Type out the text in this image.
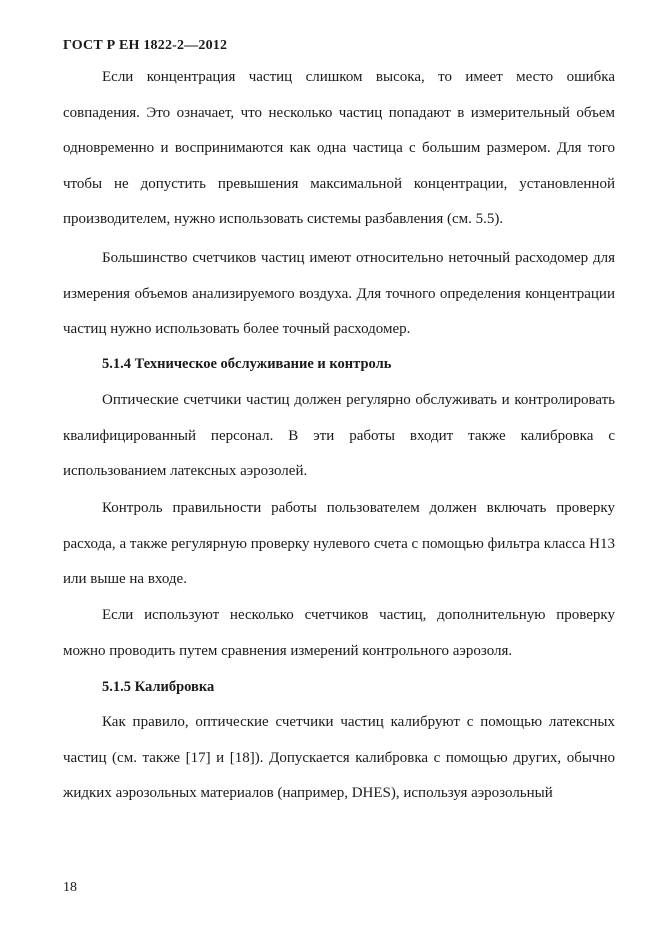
ГОСТ Р ЕН 1822-2—2012
Если концентрация частиц слишком высока, то имеет место ошибка совпадения. Это означает, что несколько частиц попадают в измерительный объем одновременно и воспринимаются как одна частица с большим размером. Для того чтобы не допустить превышения максимальной концентрации, установленной производителем, нужно использовать системы разбавления (см. 5.5).
Большинство счетчиков частиц имеют относительно неточный расходомер для измерения объемов анализируемого воздуха. Для точного определения концентрации частиц нужно использовать более точный расходомер.
5.1.4 Техническое обслуживание и контроль
Оптические счетчики частиц должен регулярно обслуживать и контролировать квалифицированный персонал. В эти работы входит также калибровка с использованием латексных аэрозолей.
Контроль правильности работы пользователем должен включать проверку расхода, а также регулярную проверку нулевого счета с помощью фильтра класса Н13 или выше на входе.
Если используют несколько счетчиков частиц, дополнительную проверку можно проводить путем сравнения измерений контрольного аэрозоля.
5.1.5 Калибровка
Как правило, оптические счетчики частиц калибруют с помощью латексных частиц (см. также [17] и [18]). Допускается калибровка с помощью других, обычно жидких аэрозольных материалов (например, DHES), используя аэрозольный
18
